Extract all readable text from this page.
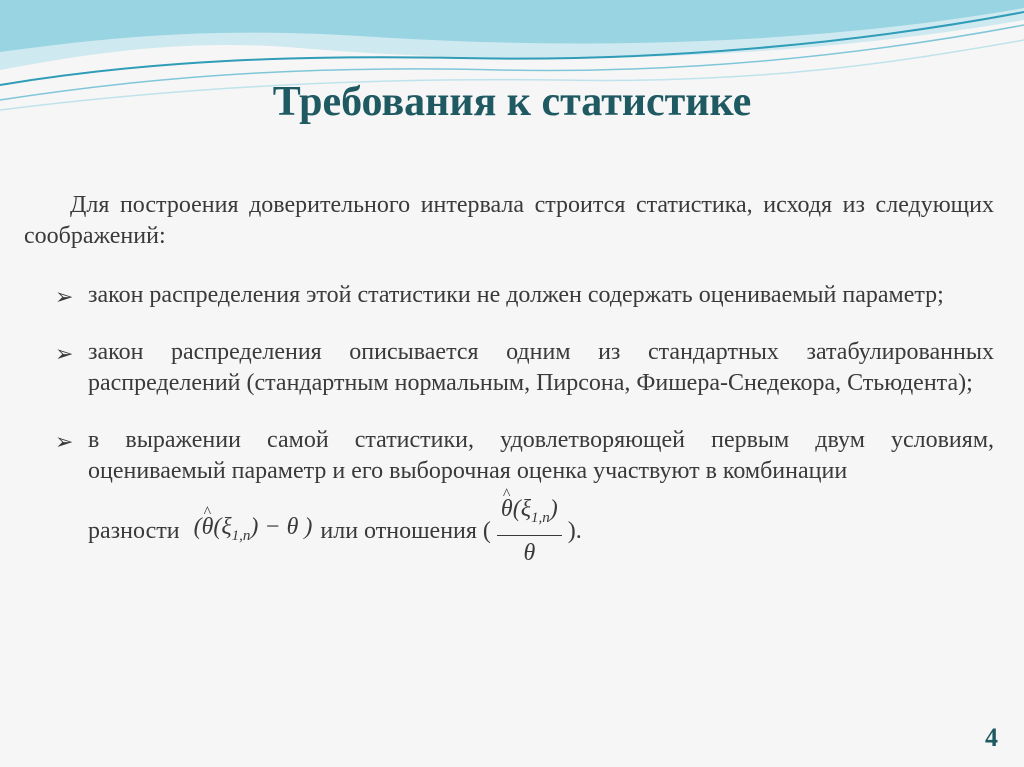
Требования к статистике

Для построения доверительного интервала строится статистика, исходя из следующих соображений:

➢ закон распределения этой статистики не должен содержать оцениваемый параметр;
➢ закон распределения описывается одним из стандартных затабулированных распределений (стандартным нормальным, Пирсона, Фишера-Снедекора, Стьюдента);
➢ в выражении самой статистики, удовлетворяющей первым двум условиям, оцениваемый параметр и его выборочная оценка участвуют в комбинации
разности (^ $\theta(\xi_{1,n}) - \theta$ ) или отношения (
^ $\frac{\theta(\xi_{1,n})}{\theta}$ ).
4
